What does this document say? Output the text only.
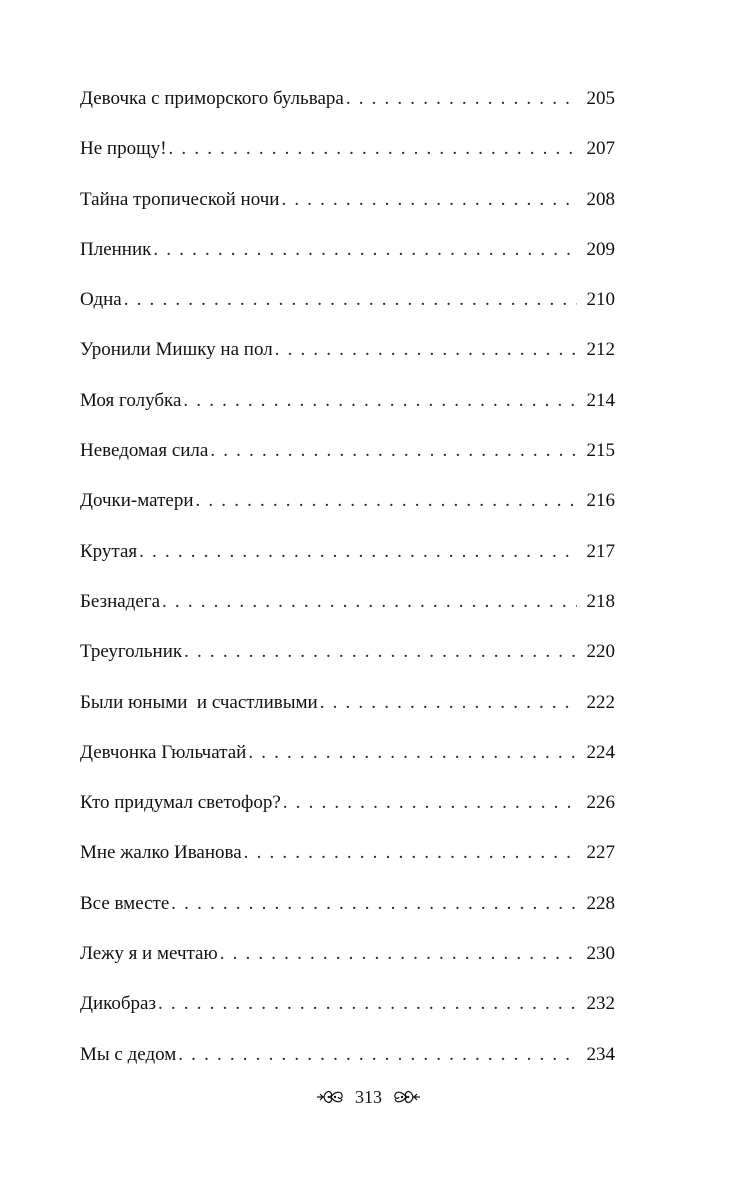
Девочка с приморского бульвара . . .	205
Не прощу! . . .	207
Тайна тропической ночи . . .	208
Пленник . . .	209
Одна . . .	210
Уронили Мишку на пол . . .	212
Моя голубка . . .	214
Неведомая сила . . .	215
Дочки-матери . . .	216
Крутая . . .	217
Безнадега . . .	218
Треугольник . . .	220
Были юными  и счастливыми . . .	222
Девчонка Гюльчатай . . .	224
Кто придумал светофор? . . .	226
Мне жалко Иванова . . .	227
Все вместе . . .	228
Лежу я и мечтаю . . .	230
Дикобраз . . .	232
Мы с дедом . . .	234
313
